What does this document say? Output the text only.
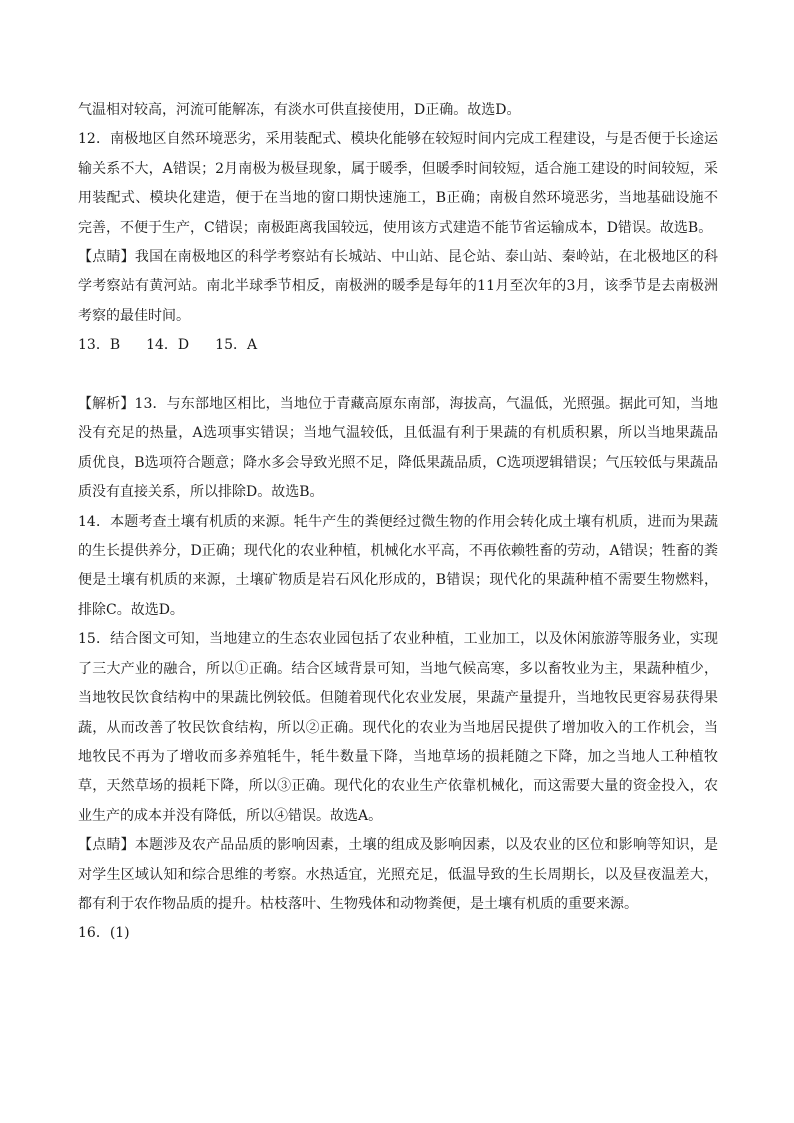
气温相对较高，河流可能解冻，有淡水可供直接使用，D正确。故选D。

12．南极地区自然环境恶劣，采用装配式、模块化能够在较短时间内完成工程建设，与是否便于长途运输关系不大，A错误；2月南极为极昼现象，属于暖季，但暖季时间较短，适合施工建设的时间较短，采用装配式、模块化建造，便于在当地的窗口期快速施工，B正确；南极自然环境恶劣，当地基础设施不完善，不便于生产，C错误；南极距离我国较远，使用该方式建造不能节省运输成本，D错误。故选B。

【点睛】我国在南极地区的科学考察站有长城站、中山站、昆仑站、泰山站、秦岭站，在北极地区的科学考察站有黄河站。南北半球季节相反，南极洲的暖季是每年的11月至次年的3月，该季节是去南极洲考察的最佳时间。

13．B 14．D 15．A

【解析】13．与东部地区相比，当地位于青藏高原东南部，海拔高，气温低，光照强。据此可知，当地没有充足的热量，A选项事实错误；当地气温较低，且低温有利于果蔬的有机质积累，所以当地果蔬品质优良，B选项符合题意；降水多会导致光照不足，降低果蔬品质，C选项逻辑错误；气压较低与果蔬品质没有直接关系，所以排除D。故选B。

14．本题考查土壤有机质的来源。牦牛产生的粪便经过微生物的作用会转化成土壤有机质，进而为果蔬的生长提供养分，D正确；现代化的农业种植，机械化水平高，不再依赖牲畜的劳动，A错误；牲畜的粪便是土壤有机质的来源，土壤矿物质是岩石风化形成的，B错误；现代化的果蔬种植不需要生物燃料，排除C。故选D。

15．结合图文可知，当地建立的生态农业园包括了农业种植，工业加工，以及休闲旅游等服务业，实现了三大产业的融合，所以①正确。结合区域背景可知，当地气候高寒，多以畜牧业为主，果蔬种植少，当地牧民饮食结构中的果蔬比例较低。但随着现代化农业发展，果蔬产量提升，当地牧民更容易获得果蔬，从而改善了牧民饮食结构，所以②正确。现代化的农业为当地居民提供了增加收入的工作机会，当地牧民不再为了增收而多养殖牦牛，牦牛数量下降，当地草场的损耗随之下降，加之当地人工种植牧草，天然草场的损耗下降，所以③正确。现代化的农业生产依靠机械化，而这需要大量的资金投入，农业生产的成本并没有降低，所以④错误。故选A。

【点睛】本题涉及农产品品质的影响因素，土壤的组成及影响因素，以及农业的区位和影响等知识，是对学生区域认知和综合思维的考察。水热适宜，光照充足，低温导致的生长周期长，以及昼夜温差大，都有利于农作物品质的提升。枯枝落叶、生物残体和动物粪便，是土壤有机质的重要来源。

16．(1)
